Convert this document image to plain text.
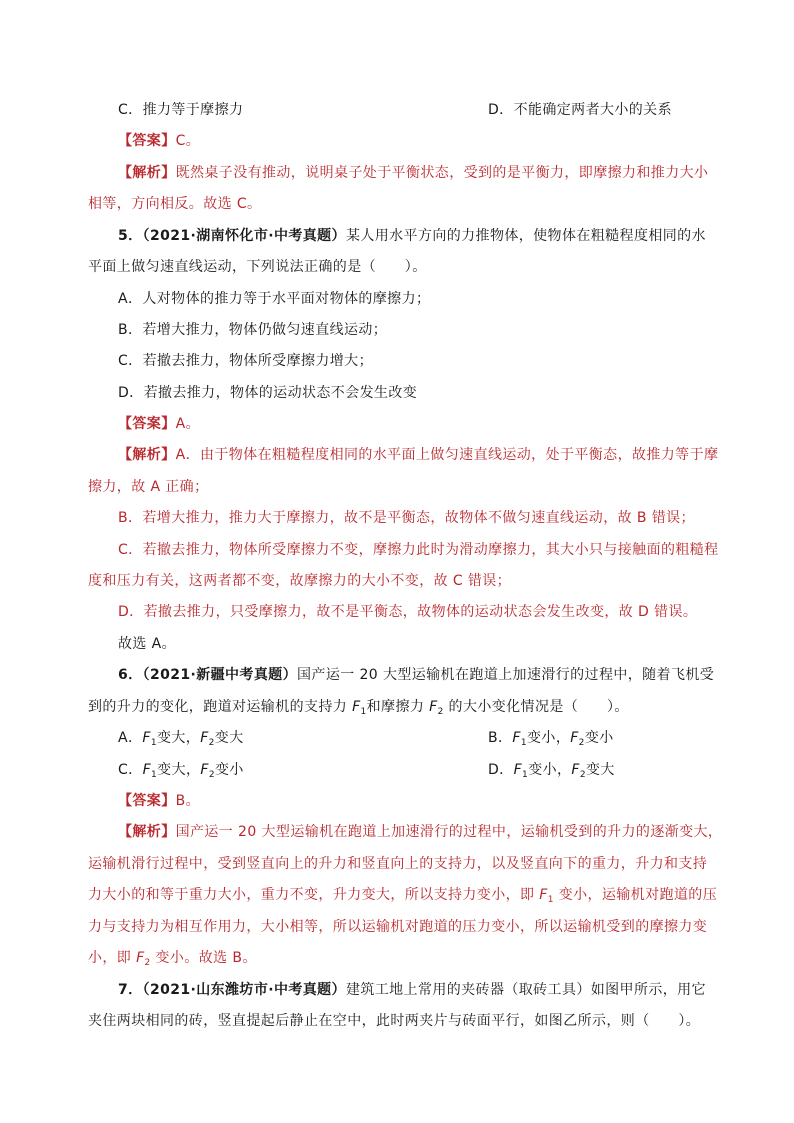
C．推力等于摩擦力	D．不能确定两者大小的关系
【答案】C。
【解析】既然桌子没有推动，说明桌子处于平衡状态，受到的是平衡力，即摩擦力和推力大小
相等，方向相反。故选 C。
5．（2021·湖南怀化市·中考真题）某人用水平方向的力推物体，使物体在粗糙程度相同的水
平面上做匀速直线运动，下列说法正确的是（　　）。
A．人对物体的推力等于水平面对物体的摩擦力；
B．若增大推力，物体仍做匀速直线运动；
C．若撤去推力，物体所受摩擦力增大；
D．若撤去推力，物体的运动状态不会发生改变
【答案】A。
【解析】A．由于物体在粗糙程度相同的水平面上做匀速直线运动，处于平衡态，故推力等于摩
擦力，故 A 正确；
B．若增大推力，推力大于摩擦力，故不是平衡态，故物体不做匀速直线运动，故 B 错误；
C．若撤去推力，物体所受摩擦力不变，摩擦力此时为滑动摩擦力，其大小只与接触面的粗糙程
度和压力有关，这两者都不变，故摩擦力的大小不变，故 C 错误；
D．若撤去推力，只受摩擦力，故不是平衡态，故物体的运动状态会发生改变，故 D 错误。
故选 A。
6．（2021·新疆中考真题）国产运一 20 大型运输机在跑道上加速滑行的过程中，随着飞机受
到的升力的变化，跑道对运输机的支持力 $F_1$和摩擦力 $F_2$ 的大小变化情况是（　　）。
A．$F_1$变大，$F_2$变大	B．$F_1$变小，$F_2$变小
C．$F_1$变大，$F_2$变小	D．$F_1$变小，$F_2$变大
【答案】B。
【解析】国产运一 20 大型运输机在跑道上加速滑行的过程中，运输机受到的升力的逐渐变大，
运输机滑行过程中，受到竖直向上的升力和竖直向上的支持力，以及竖直向下的重力，升力和支持
力大小的和等于重力大小，重力不变，升力变大，所以支持力变小，即 $F_1$ 变小，运输机对跑道的压
力与支持力为相互作用力，大小相等，所以运输机对跑道的压力变小，所以运输机受到的摩擦力变
小，即 $F_2$ 变小。故选 B。
7．（2021·山东潍坊市·中考真题）建筑工地上常用的夹砖器（取砖工具）如图甲所示，用它
夹住两块相同的砖，竖直提起后静止在空中，此时两夹片与砖面平行，如图乙所示，则（　　）。
